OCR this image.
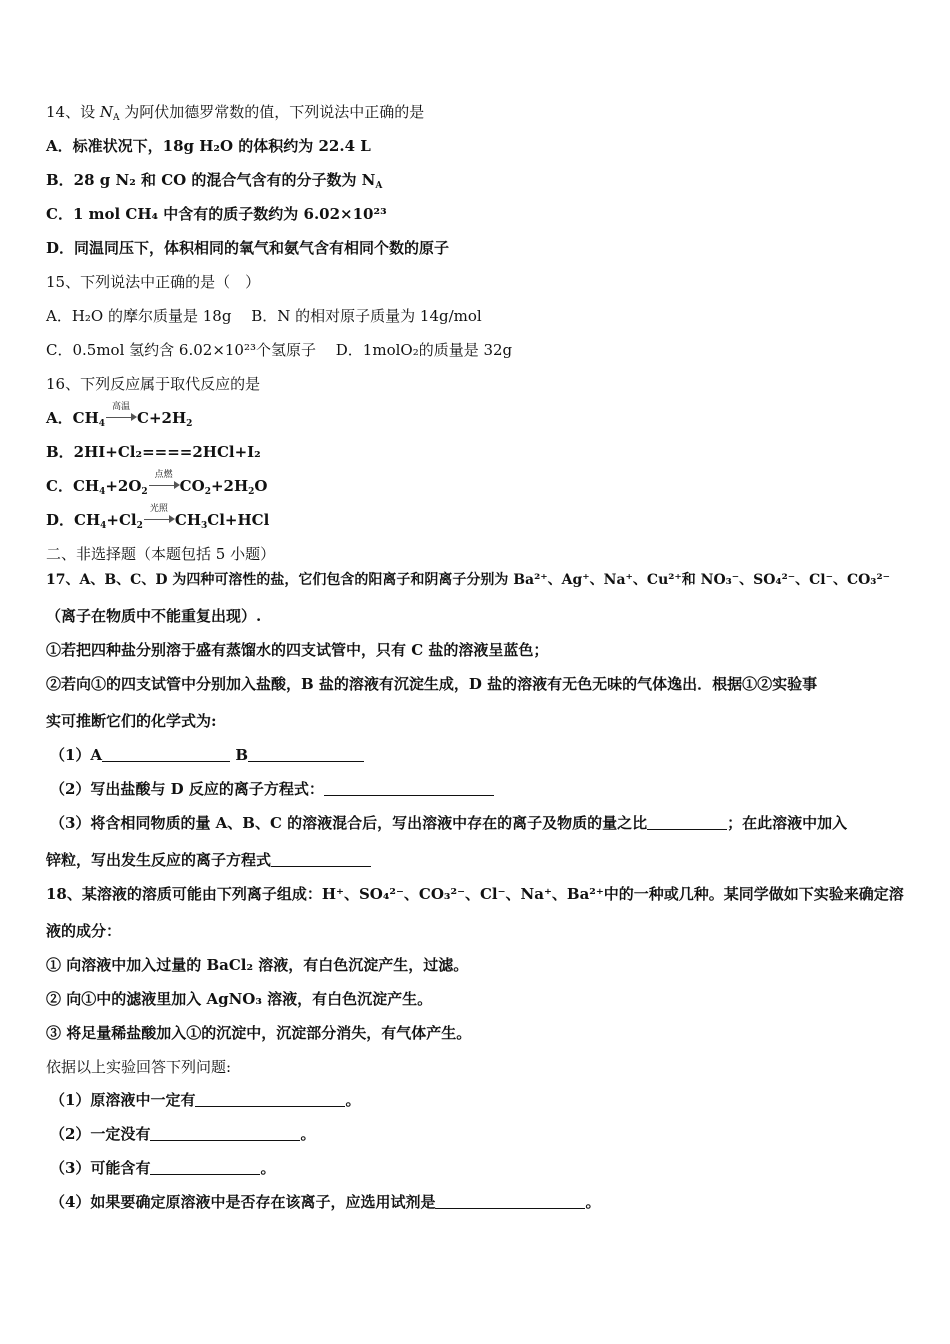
14、设 $N_A$ 为阿伏加德罗常数的值，下列说法中正确的是
A．标准状况下，18g H₂O 的体积约为 22.4 L
B．28 g N₂ 和 CO 的混合气含有的分子数为 $N_A$
C．1 mol CH₄ 中含有的质子数约为 6.02×10²³
D．同温同压下，体积相同的氧气和氨气含有相同个数的原子
15、下列说法中正确的是（　）
A．H₂O 的摩尔质量是 18g　 B．N 的相对原子质量为 14g/mol
C．0.5mol 氢约含 6.02×10²³个氢原子　 D．1molO₂的质量是 32g
16、下列反应属于取代反应的是
A．$CH_4$
高温
$C+2H_2$
B．2HI+Cl₂====2HCl+I₂
C．$CH_4+2O_2$
点燃
$CO_2+2H_2O$
D．$CH_4+Cl_2$
光照
$CH_3Cl+HCl$
二、非选择题（本题包括 5 小题）
17、A、B、C、D 为四种可溶性的盐，它们包含的阳离子和阴离子分别为 Ba²⁺、Ag⁺、Na⁺、Cu²⁺和 NO₃⁻、SO₄²⁻、Cl⁻、CO₃²⁻
（离子在物质中不能重复出现）.
①若把四种盐分别溶于盛有蒸馏水的四支试管中，只有 C 盐的溶液呈蓝色；
②若向①的四支试管中分别加入盐酸，B 盐的溶液有沉淀生成，D 盐的溶液有无色无味的气体逸出．根据①②实验事
实可推断它们的化学式为:
（1）A	B
（2）写出盐酸与 D 反应的离子方程式：
（3）将含相同物质的量 A、B、C 的溶液混合后，写出溶液中存在的离子及物质的量之比	；在此溶液中加入
锌粒，写出发生反应的离子方程式
18、某溶液的溶质可能由下列离子组成：H⁺、SO₄²⁻、CO₃²⁻、Cl⁻、Na⁺、Ba²⁺中的一种或几种。某同学做如下实验来确定溶
液的成分：
① 向溶液中加入过量的 BaCl₂ 溶液，有白色沉淀产生，过滤。
② 向①中的滤液里加入 AgNO₃ 溶液，有白色沉淀产生。
③ 将足量稀盐酸加入①的沉淀中，沉淀部分消失，有气体产生。
依据以上实验回答下列问题:
（1）原溶液中一定有	。
（2）一定没有	。
（3）可能含有	。
（4）如果要确定原溶液中是否存在该离子，应选用试剂是	。
